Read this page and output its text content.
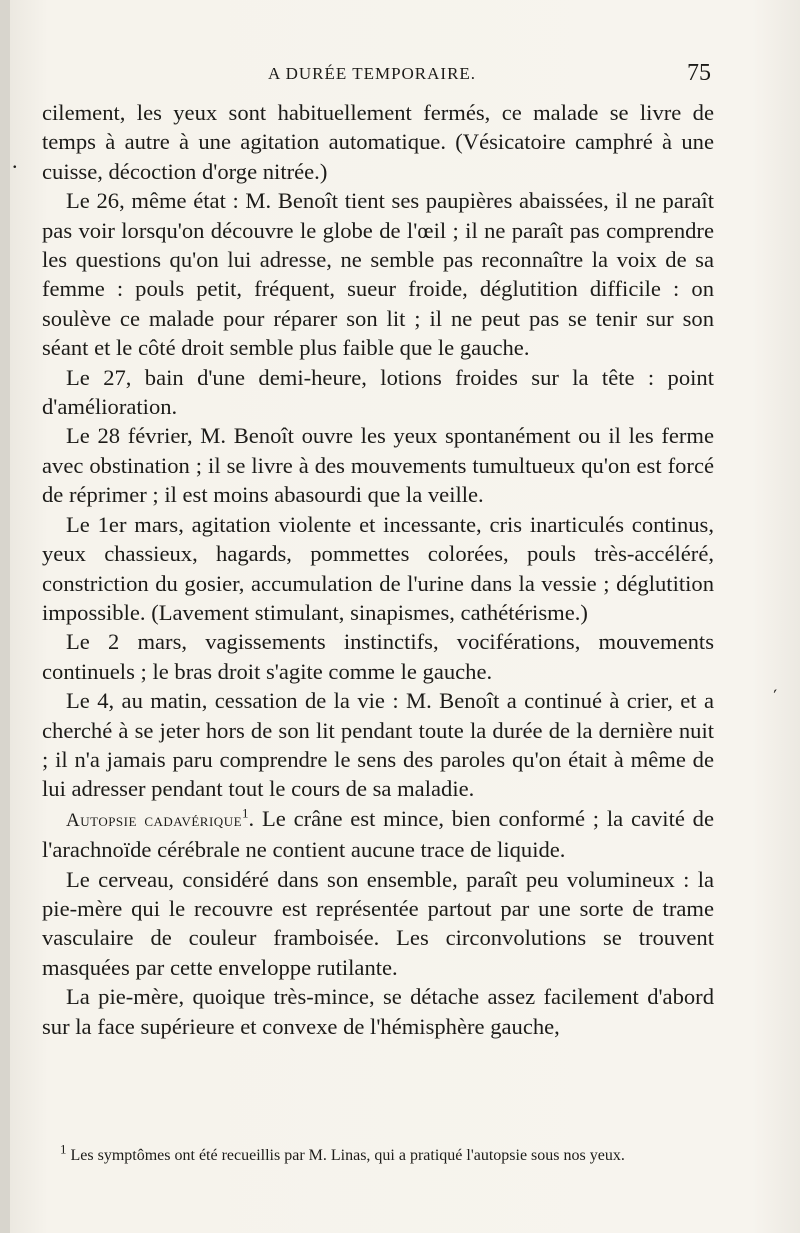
A DURÉE TEMPORAIRE.	75
.
´

cilement, les yeux sont habituellement fermés, ce malade se livre de temps à autre à une agitation automatique. (Vésicatoire camphré à une cuisse, décoction d'orge nitrée.)

Le 26, même état : M. Benoît tient ses paupières abaissées, il ne paraît pas voir lorsqu'on découvre le globe de l'œil ; il ne paraît pas comprendre les questions qu'on lui adresse, ne semble pas reconnaître la voix de sa femme : pouls petit, fréquent, sueur froide, déglutition difficile : on soulève ce malade pour réparer son lit ; il ne peut pas se tenir sur son séant et le côté droit semble plus faible que le gauche.

Le 27, bain d'une demi-heure, lotions froides sur la tête : point d'amélioration.

Le 28 février, M. Benoît ouvre les yeux spontanément ou il les ferme avec obstination ; il se livre à des mouvements tumultueux qu'on est forcé de réprimer ; il est moins abasourdi que la veille.

Le 1er mars, agitation violente et incessante, cris inarticulés continus, yeux chassieux, hagards, pommettes colorées, pouls très-accéléré, constriction du gosier, accumulation de l'urine dans la vessie ; déglutition impossible. (Lavement stimulant, sinapismes, cathétérisme.)

Le 2 mars, vagissements instinctifs, vociférations, mouvements continuels ; le bras droit s'agite comme le gauche.

Le 4, au matin, cessation de la vie : M. Benoît a continué à crier, et a cherché à se jeter hors de son lit pendant toute la durée de la dernière nuit ; il n'a jamais paru comprendre le sens des paroles qu'on était à même de lui adresser pendant tout le cours de sa maladie.

Autopsie cadavérique$^1$. Le crâne est mince, bien conformé ; la cavité de l'arachnoïde cérébrale ne contient aucune trace de liquide.

Le cerveau, considéré dans son ensemble, paraît peu volumineux : la pie-mère qui le recouvre est représentée partout par une sorte de trame vasculaire de couleur framboisée. Les circonvolutions se trouvent masquées par cette enveloppe rutilante.

La pie-mère, quoique très-mince, se détache assez facilement d'abord sur la face supérieure et convexe de l'hémisphère gauche,

$^1$ Les symptômes ont été recueillis par M. Linas, qui a pratiqué l'autopsie sous nos yeux.
